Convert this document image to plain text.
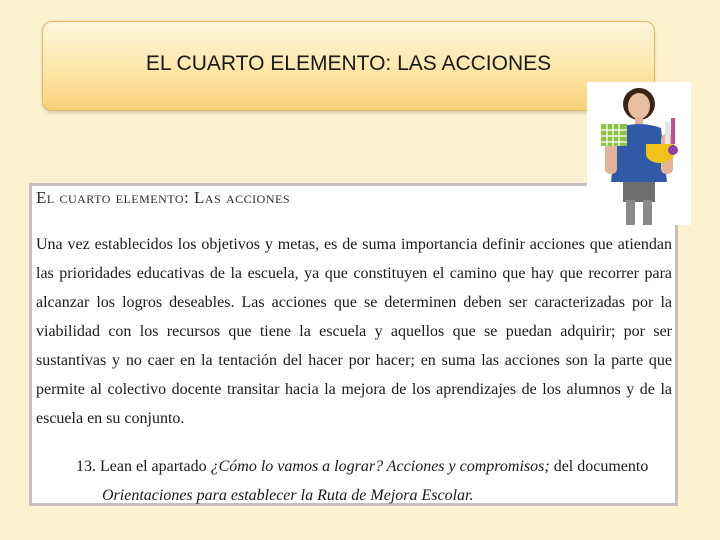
EL CUARTO ELEMENTO: LAS ACCIONES
El cuarto elemento: Las acciones
Una vez establecidos los objetivos y metas, es de suma importancia definir acciones que atiendan las prioridades educativas de la escuela, ya que constituyen el camino que hay que recorrer para alcanzar los logros deseables. Las acciones que se determinen deben ser caracterizadas por la viabilidad con los recursos que tiene la escuela y aquellos que se puedan adquirir; por ser sustantivas y no caer en la tentación del hacer por hacer; en suma las acciones son la parte que permite al colectivo docente transitar hacia la mejora de los aprendizajes de los alumnos y de la escuela en su conjunto.
13. Lean el apartado ¿Cómo lo vamos a lograr? Acciones y compromisos; del documento
Orientaciones para establecer la Ruta de Mejora Escolar.
